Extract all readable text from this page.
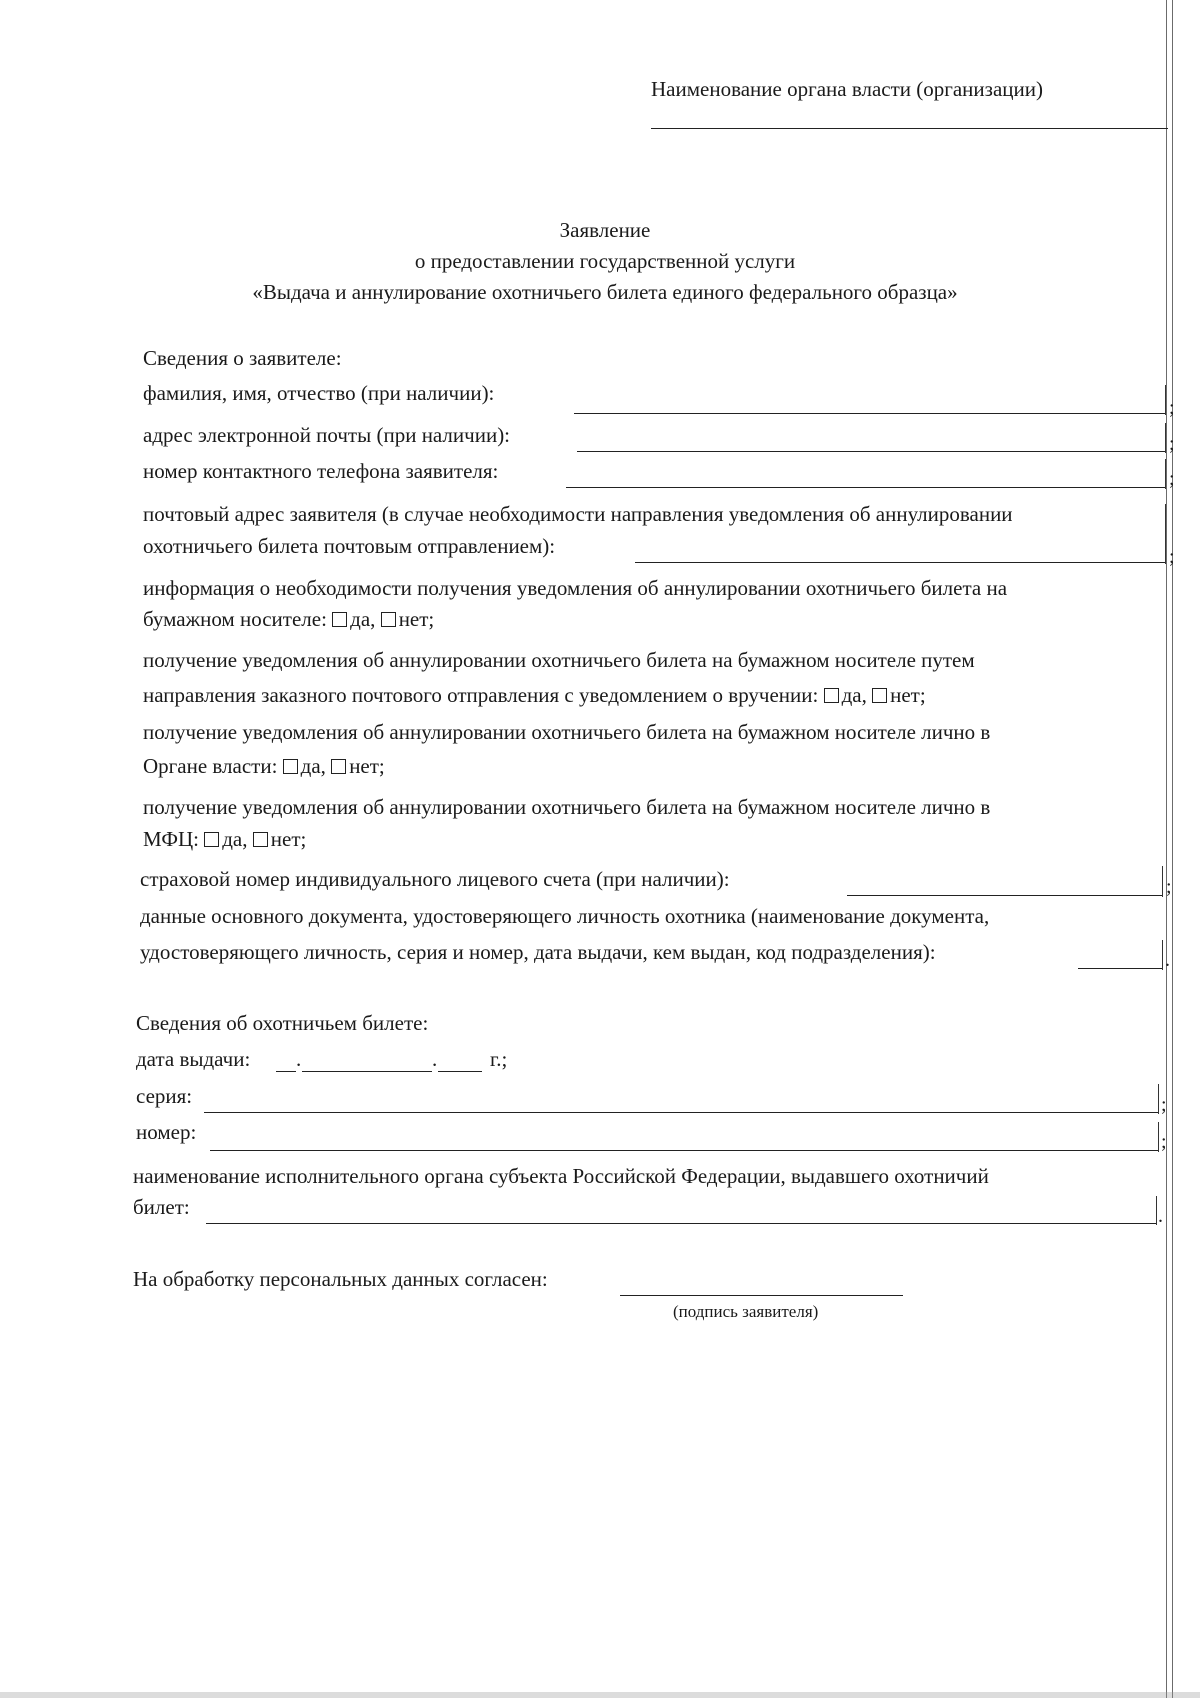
Наименование органа власти (организации)
Заявление
о предоставлении государственной услуги
«Выдача и аннулирование охотничьего билета единого федерального образца»
Сведения о заявителе:
фамилия, имя, отчество (при наличии):
;
адрес электронной почты (при наличии):	;
номер контактного телефона заявителя:	;
почтовый адрес заявителя (в случае необходимости направления уведомления об аннулировании
охотничьего билета почтовым отправлением):	;
информация о необходимости получения уведомления об аннулировании охотничьего билета на
бумажном носителе: да, нет;
получение уведомления об аннулировании охотничьего билета на бумажном носителе путем
направления заказного почтового отправления с уведомлением о вручении: да, нет;
получение уведомления об аннулировании охотничьего билета на бумажном носителе лично в
Органе власти: да, нет;
получение уведомления об аннулировании охотничьего билета на бумажном носителе лично в
МФЦ: да, нет;
страховой номер индивидуального лицевого счета (при наличии):	;
данные основного документа, удостоверяющего личность охотника (наименование документа,
удостоверяющего личность, серия и номер, дата выдачи, кем выдан, код подразделения):	.
Сведения об охотничьем билете:
дата выдачи: .	.	г.;
серия:	;
номер:	;
наименование исполнительного органа субъекта Российской Федерации, выдавшего охотничий
билет:	.
На обработку персональных данных согласен:
(подпись заявителя)
